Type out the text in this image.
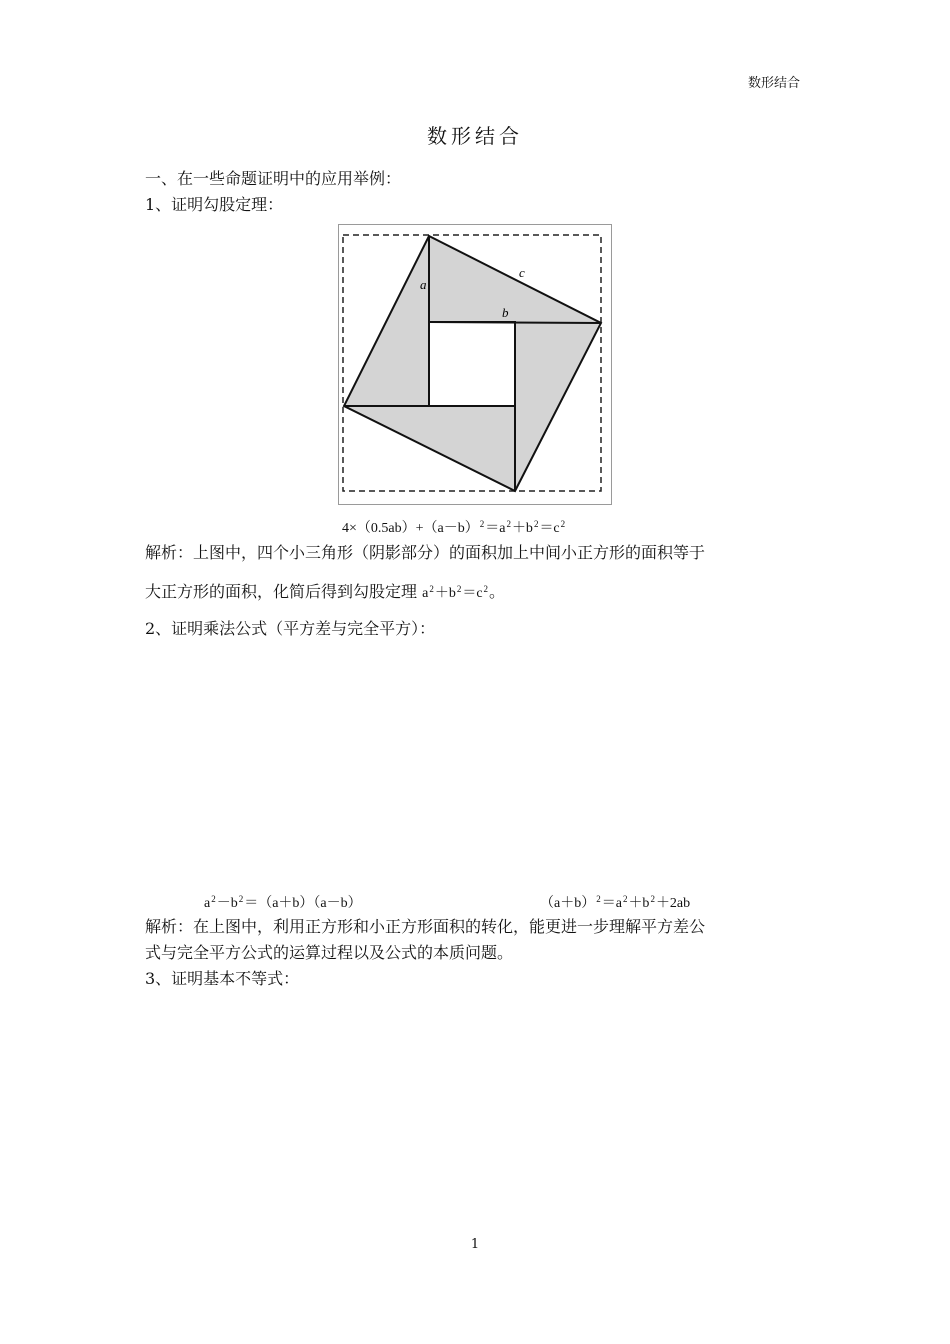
数形结合
数形结合
一、在一些命题证明中的应用举例：
1、证明勾股定理：
a
b
c
$4\times(0.5ab)+(a-b)^2=a^2+b^2=c^2$
解析：上图中，四个小三角形（阴影部分）的面积加上中间小正方形的面积等于
大正方形的面积，化简后得到勾股定理 $a^2+b^2=c^2$。
2、证明乘法公式（平方差与完全平方）：
$a^2-b^2=(a+b)(a-b)$	$(a+b)^2=a^2+b^2+2ab$
解析：在上图中，利用正方形和小正方形面积的转化，能更进一步理解平方差公
式与完全平方公式的运算过程以及公式的本质问题。
3、证明基本不等式：
1
